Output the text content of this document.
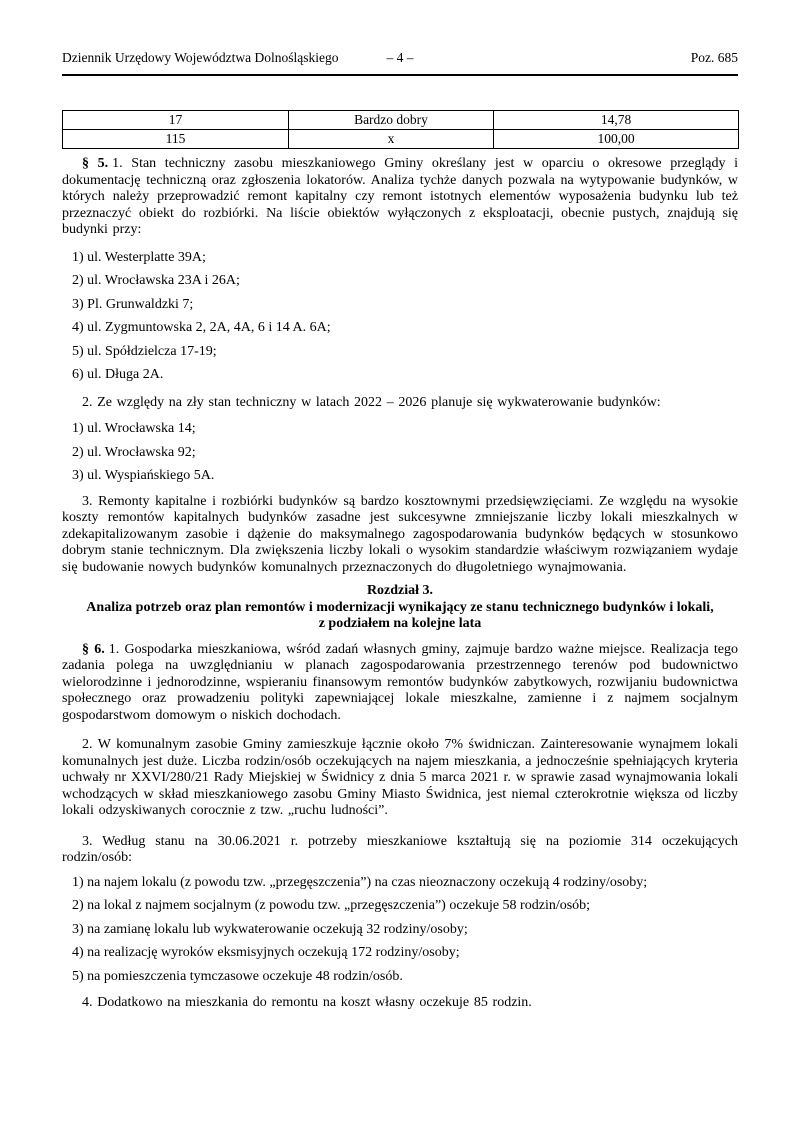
Dziennik Urzędowy Województwa Dolnośląskiego	– 4 –	Poz. 685
17	Bardzo dobry	14,78
115	x	100,00

§ 5. 1. Stan techniczny zasobu mieszkaniowego Gminy określany jest w oparciu o okresowe przeglądy i dokumentację techniczną oraz zgłoszenia lokatorów. Analiza tychże danych pozwala na wytypowanie budynków, w których należy przeprowadzić remont kapitalny czy remont istotnych elementów wyposażenia budynku lub też przeznaczyć obiekt do rozbiórki. Na liście obiektów wyłączonych z eksploatacji, obecnie pustych, znajdują się budynki przy:

1) ul. Westerplatte 39A;
2) ul. Wrocławska 23A i 26A;
3) Pl. Grunwaldzki 7;
4) ul. Zygmuntowska 2, 2A, 4A, 6 i 14 A. 6A;
5) ul. Spółdzielcza 17-19;
6) ul. Długa 2A.

2. Ze względy na zły stan techniczny w latach 2022 – 2026 planuje się wykwaterowanie budynków:

1) ul. Wrocławska 14;
2) ul. Wrocławska 92;
3) ul. Wyspiańskiego 5A.

3. Remonty kapitalne i rozbiórki budynków są bardzo kosztownymi przedsięwzięciami. Ze względu na wysokie koszty remontów kapitalnych budynków zasadne jest sukcesywne zmniejszanie liczby lokali mieszkalnych w zdekapitalizowanym zasobie i dążenie do maksymalnego zagospodarowania budynków będących w stosunkowo dobrym stanie technicznym. Dla zwiększenia liczby lokali o wysokim standardzie właściwym rozwiązaniem wydaje się budowanie nowych budynków komunalnych przeznaczonych do długoletniego wynajmowania.

Rozdział 3.
Analiza potrzeb oraz plan remontów i modernizacji wynikający ze stanu technicznego budynków i lokali,
z podziałem na kolejne lata

§ 6. 1. Gospodarka mieszkaniowa, wśród zadań własnych gminy, zajmuje bardzo ważne miejsce. Realizacja tego zadania polega na uwzględnianiu w planach zagospodarowania przestrzennego terenów pod budownictwo wielorodzinne i jednorodzinne, wspieraniu finansowym remontów budynków zabytkowych, rozwijaniu budownictwa społecznego oraz prowadzeniu polityki zapewniającej lokale mieszkalne, zamienne i z najmem socjalnym gospodarstwom domowym o niskich dochodach.

2. W komunalnym zasobie Gminy zamieszkuje łącznie około 7% świdniczan. Zainteresowanie wynajmem lokali komunalnych jest duże. Liczba rodzin/osób oczekujących na najem mieszkania, a jednocześnie spełniających kryteria uchwały nr XXVI/280/21 Rady Miejskiej w Świdnicy z dnia 5 marca 2021 r. w sprawie zasad wynajmowania lokali wchodzących w skład mieszkaniowego zasobu Gminy Miasto Świdnica, jest niemal czterokrotnie większa od liczby lokali odzyskiwanych corocznie z tzw. „ruchu ludności”.

3. Według stanu na 30.06.2021 r. potrzeby mieszkaniowe kształtują się na poziomie 314 oczekujących rodzin/osób:

1) na najem lokalu (z powodu tzw. „przegęszczenia”) na czas nieoznaczony oczekują 4 rodziny/osoby;
2) na lokal z najmem socjalnym (z powodu tzw. „przegęszczenia”) oczekuje 58 rodzin/osób;
3) na zamianę lokalu lub wykwaterowanie oczekują 32 rodziny/osoby;
4) na realizację wyroków eksmisyjnych oczekują 172 rodziny/osoby;
5) na pomieszczenia tymczasowe oczekuje 48 rodzin/osób.

4. Dodatkowo na mieszkania do remontu na koszt własny oczekuje 85 rodzin.
